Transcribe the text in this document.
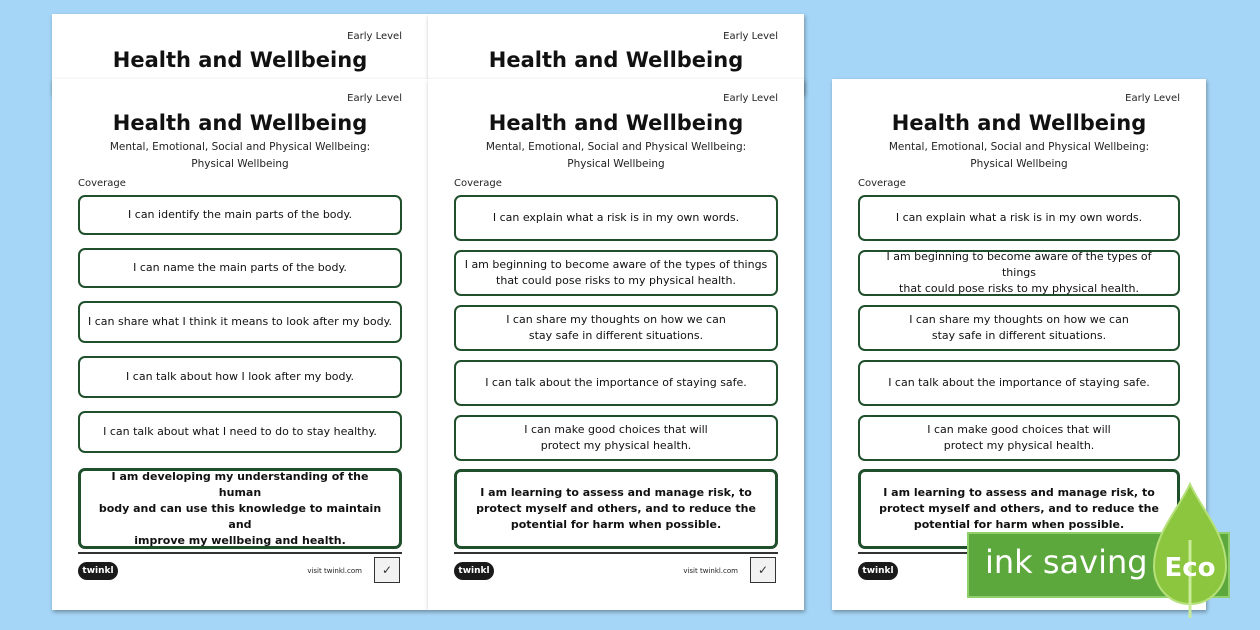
Early Level
Health and Wellbeing
Early Level
Health and Wellbeing
Early Level
Health and Wellbeing
Mental, Emotional, Social and Physical Wellbeing:
Physical Wellbeing
Coverage
I can identify the main parts of the body.
I can name the main parts of the body.
I can share what I think it means to look after my body.
I can talk about how I look after my body.
I can talk about what I need to do to stay healthy.
I am developing my understanding of the human
body and can use this knowledge to maintain and
improve my wellbeing and health.
twinkl	visit twinkl.com	✓
Early Level
Health and Wellbeing
Mental, Emotional, Social and Physical Wellbeing:
Physical Wellbeing
Coverage
I can explain what a risk is in my own words.
I am beginning to become aware of the types of things
that could pose risks to my physical health.
I can share my thoughts on how we can
stay safe in different situations.
I can talk about the importance of staying safe.
I can make good choices that will
protect my physical health.
I am learning to assess and manage risk, to
protect myself and others, and to reduce the
potential for harm when possible.
twinkl	visit twinkl.com	✓
Early Level
Health and Wellbeing
Mental, Emotional, Social and Physical Wellbeing:
Physical Wellbeing
Coverage
I can explain what a risk is in my own words.
I am beginning to become aware of the types of things
that could pose risks to my physical health.
I can share my thoughts on how we can
stay safe in different situations.
I can talk about the importance of staying safe.
I can make good choices that will
protect my physical health.
I am learning to assess and manage risk, to
protect myself and others, and to reduce the
potential for harm when possible.
twinkl	ink saving Eco
